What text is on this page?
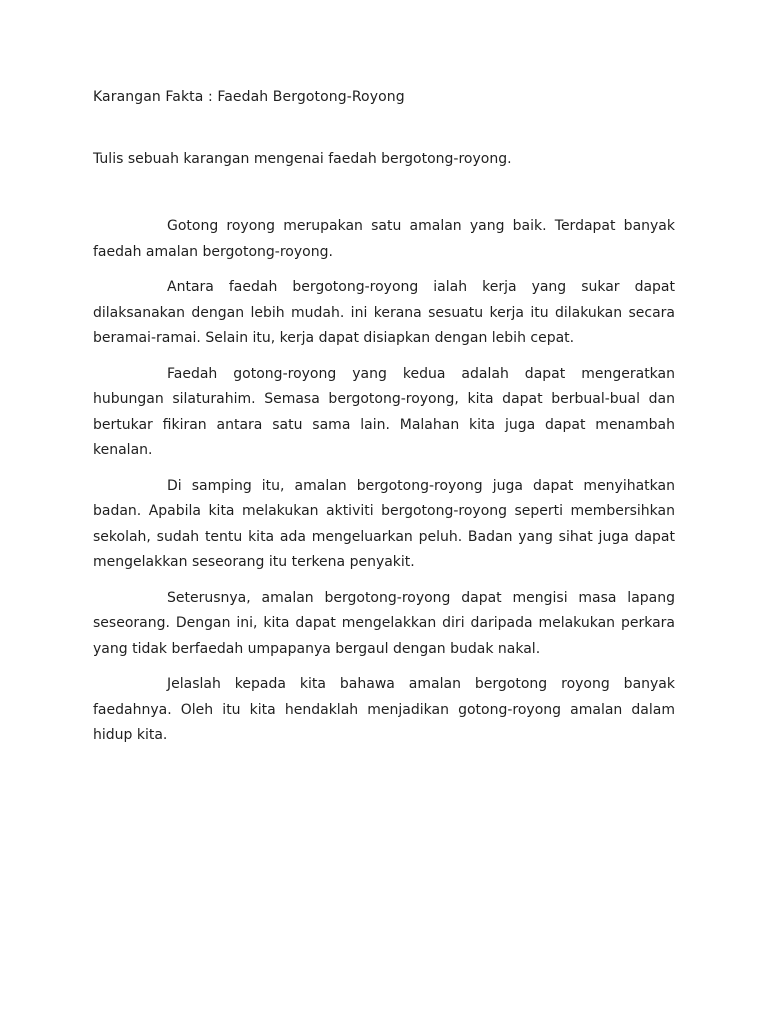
Karangan Fakta : Faedah Bergotong-Royong

Tulis sebuah karangan mengenai faedah bergotong-royong.

Gotong royong merupakan satu amalan yang baik. Terdapat banyak faedah amalan bergotong-royong.

Antara faedah bergotong-royong ialah kerja yang sukar dapat dilaksanakan dengan lebih mudah. ini kerana sesuatu kerja itu dilakukan secara beramai-ramai. Selain itu, kerja dapat disiapkan dengan lebih cepat.

Faedah gotong-royong yang kedua adalah dapat mengeratkan hubungan silaturahim. Semasa bergotong-royong, kita dapat berbual-bual dan bertukar fikiran antara satu sama lain. Malahan kita juga dapat menambah kenalan.

Di samping itu, amalan bergotong-royong juga dapat menyihatkan badan. Apabila kita melakukan aktiviti bergotong-royong seperti membersihkan sekolah, sudah tentu kita ada mengeluarkan peluh. Badan yang sihat juga dapat mengelakkan seseorang itu terkena penyakit.

Seterusnya, amalan bergotong-royong dapat mengisi masa lapang seseorang. Dengan ini, kita dapat mengelakkan diri daripada melakukan perkara yang tidak berfaedah umpapanya bergaul dengan budak nakal.

Jelaslah kepada kita bahawa amalan bergotong royong banyak faedahnya. Oleh itu kita hendaklah menjadikan gotong-royong amalan dalam hidup kita.
